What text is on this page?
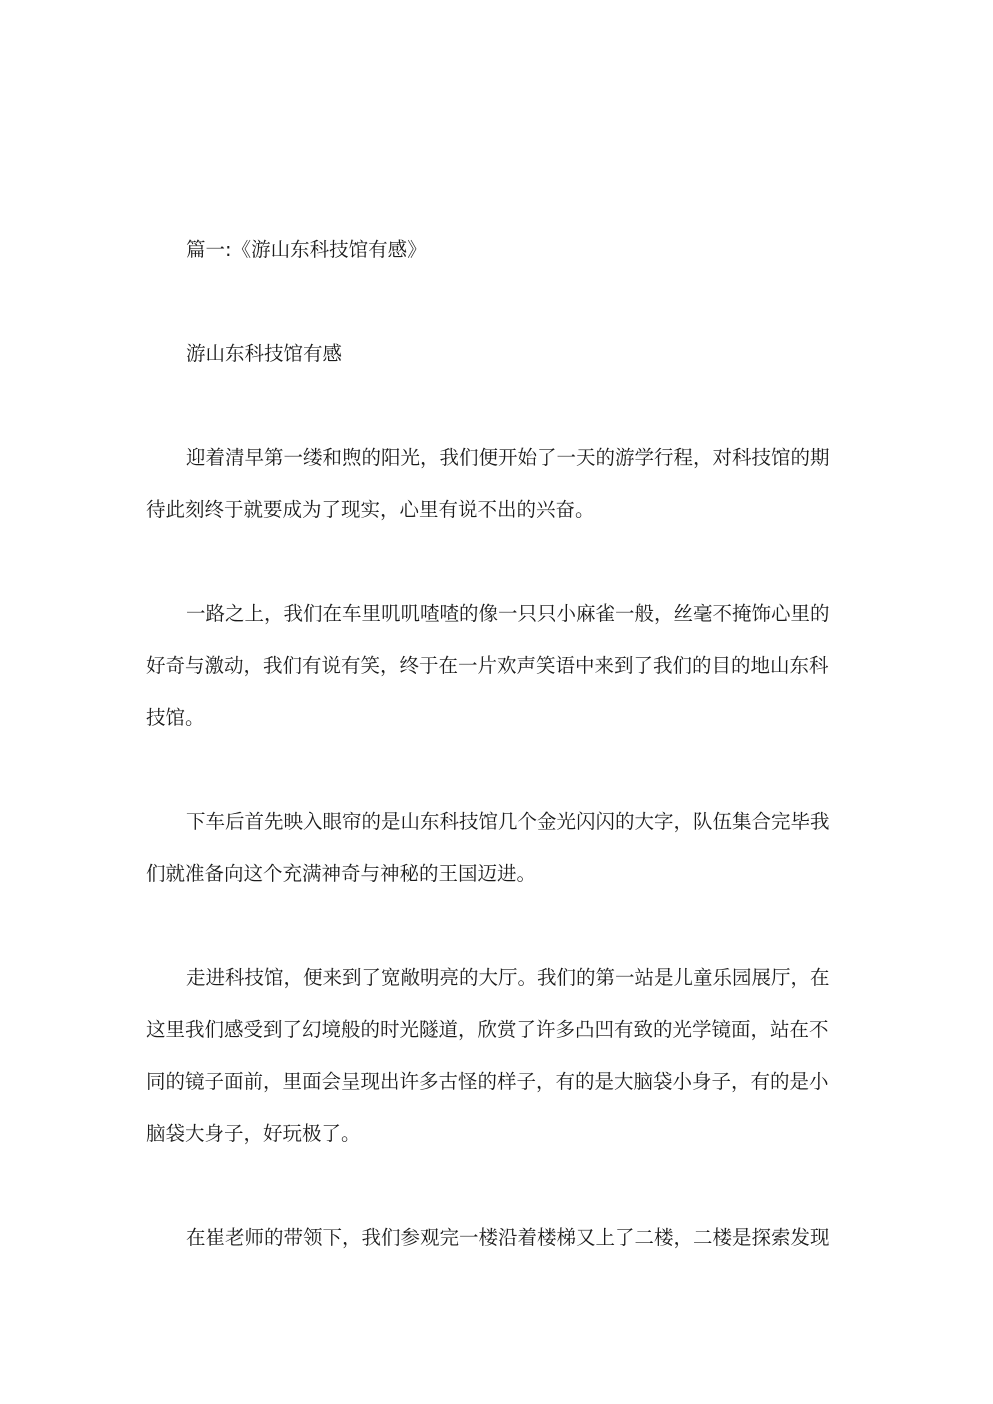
篇一:《游山东科技馆有感》
游山东科技馆有感
迎着清早第一缕和煦的阳光，我们便开始了一天的游学行程，对科技馆的期
待此刻终于就要成为了现实，心里有说不出的兴奋。
一路之上，我们在车里叽叽喳喳的像一只只小麻雀一般，丝毫不掩饰心里的
好奇与激动，我们有说有笑，终于在一片欢声笑语中来到了我们的目的地山东科
技馆。
下车后首先映入眼帘的是山东科技馆几个金光闪闪的大字，队伍集合完毕我
们就准备向这个充满神奇与神秘的王国迈进。
走进科技馆，便来到了宽敞明亮的大厅。我们的第一站是儿童乐园展厅，在
这里我们感受到了幻境般的时光隧道，欣赏了许多凸凹有致的光学镜面，站在不
同的镜子面前，里面会呈现出许多古怪的样子，有的是大脑袋小身子，有的是小
脑袋大身子，好玩极了。
在崔老师的带领下，我们参观完一楼沿着楼梯又上了二楼，二楼是探索发现
